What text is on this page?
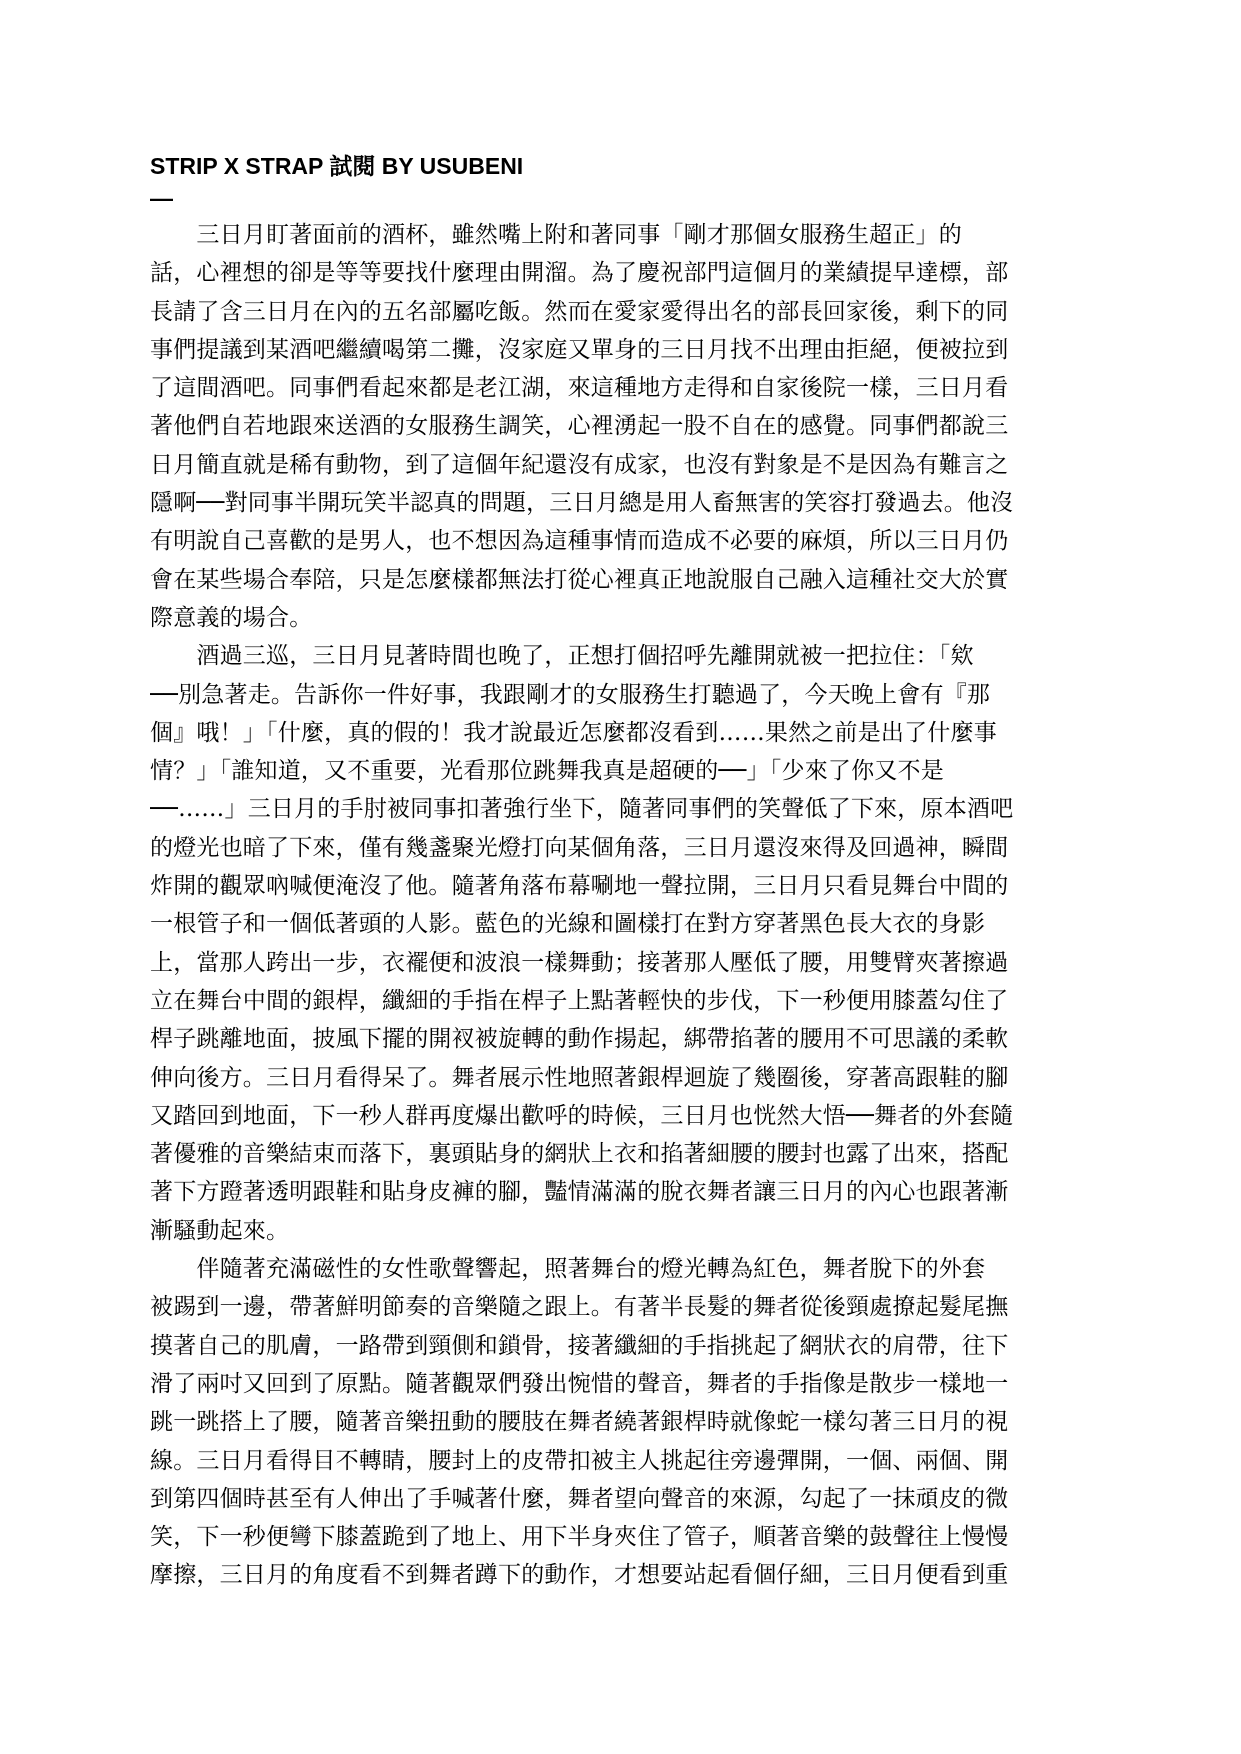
STRIP X STRAP 試閱 BY USUBENI
—

　　三日月盯著面前的酒杯，雖然嘴上附和著同事「剛才那個女服務生超正」的
話，心裡想的卻是等等要找什麼理由開溜。為了慶祝部門這個月的業績提早達標，部
長請了含三日月在內的五名部屬吃飯。然而在愛家愛得出名的部長回家後，剩下的同
事們提議到某酒吧繼續喝第二攤，沒家庭又單身的三日月找不出理由拒絕，便被拉到
了這間酒吧。同事們看起來都是老江湖，來這種地方走得和自家後院一樣，三日月看
著他們自若地跟來送酒的女服務生調笑，心裡湧起一股不自在的感覺。同事們都說三
日月簡直就是稀有動物，到了這個年紀還沒有成家，也沒有對象是不是因為有難言之
隱啊──對同事半開玩笑半認真的問題，三日月總是用人畜無害的笑容打發過去。他沒
有明說自己喜歡的是男人，也不想因為這種事情而造成不必要的麻煩，所以三日月仍
會在某些場合奉陪，只是怎麼樣都無法打從心裡真正地說服自己融入這種社交大於實
際意義的場合。

　　酒過三巡，三日月見著時間也晚了，正想打個招呼先離開就被一把拉住：「欸
──別急著走。告訴你一件好事，我跟剛才的女服務生打聽過了，今天晚上會有『那
個』哦！」「什麼，真的假的！我才說最近怎麼都沒看到……果然之前是出了什麼事
情？」「誰知道，又不重要，光看那位跳舞我真是超硬的──」「少來了你又不是
──……」三日月的手肘被同事扣著強行坐下，隨著同事們的笑聲低了下來，原本酒吧
的燈光也暗了下來，僅有幾盞聚光燈打向某個角落，三日月還沒來得及回過神，瞬間
炸開的觀眾吶喊便淹沒了他。隨著角落布幕唰地一聲拉開，三日月只看見舞台中間的
一根管子和一個低著頭的人影。藍色的光線和圖樣打在對方穿著黑色長大衣的身影
上，當那人跨出一步，衣襬便和波浪一樣舞動；接著那人壓低了腰，用雙臂夾著擦過
立在舞台中間的銀桿，纖細的手指在桿子上點著輕快的步伐，下一秒便用膝蓋勾住了
桿子跳離地面，披風下擺的開衩被旋轉的動作揚起，綁帶掐著的腰用不可思議的柔軟
伸向後方。三日月看得呆了。舞者展示性地照著銀桿迴旋了幾圈後，穿著高跟鞋的腳
又踏回到地面，下一秒人群再度爆出歡呼的時候，三日月也恍然大悟──舞者的外套隨
著優雅的音樂結束而落下，裏頭貼身的網狀上衣和掐著細腰的腰封也露了出來，搭配
著下方蹬著透明跟鞋和貼身皮褲的腳，豔情滿滿的脫衣舞者讓三日月的內心也跟著漸
漸騷動起來。

　　伴隨著充滿磁性的女性歌聲響起，照著舞台的燈光轉為紅色，舞者脫下的外套
被踢到一邊，帶著鮮明節奏的音樂隨之跟上。有著半長髮的舞者從後頸處撩起髮尾撫
摸著自己的肌膚，一路帶到頸側和鎖骨，接著纖細的手指挑起了網狀衣的肩帶，往下
滑了兩吋又回到了原點。隨著觀眾們發出惋惜的聲音，舞者的手指像是散步一樣地一
跳一跳搭上了腰，隨著音樂扭動的腰肢在舞者繞著銀桿時就像蛇一樣勾著三日月的視
線。三日月看得目不轉睛，腰封上的皮帶扣被主人挑起往旁邊彈開，一個、兩個、開
到第四個時甚至有人伸出了手喊著什麼，舞者望向聲音的來源，勾起了一抹頑皮的微
笑，下一秒便彎下膝蓋跪到了地上、用下半身夾住了管子，順著音樂的鼓聲往上慢慢
摩擦，三日月的角度看不到舞者蹲下的動作，才想要站起看個仔細，三日月便看到重
